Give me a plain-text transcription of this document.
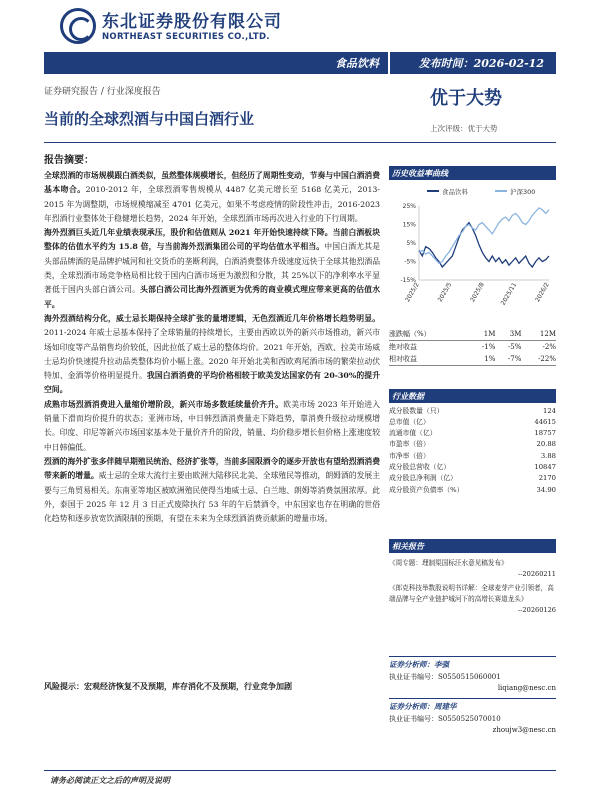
东北证券股份有限公司
NORTHEAST SECURITIES CO.,LTD.
食品饮料	发布时间：2026-02-12
证券研究报告 / 行业深度报告	优于大势
当前的全球烈酒与中国白酒行业
上次评级：优于大势
报告摘要：

全球烈酒的市场规模跟白酒类似，虽然整体规模增长，但经历了周期性变动，节奏与中国白酒消费基本吻合。2010-2012 年，全球烈酒零售规模从 4487 亿美元增长至 5168 亿美元，2013-2015 年为调整期，市场规模缩减至 4701 亿美元，如果不考虑疫情的阶段性冲击，2016-2023 年烈酒行业整体处于稳健增长趋势，2024 年开始，全球烈酒市场再次进入行业的下行周期。

海外烈酒巨头近几年业绩表现承压，股价和估值则从 2021 年开始快速持续下降。当前白酒板块整体的估值水平约为 15.8 倍，与当前海外烈酒集团公司的平均估值水平相当。中国白酒尤其是头部品牌酒的是品牌护城河和社交货币的垄断利润，白酒消费整体升级速度远快于全球其他烈酒品类，全球烈酒市场竞争格局相比较于国内白酒市场更为激烈和分散，其 25%以下的净利率水平显著低于国内头部白酒公司。头部白酒公司比海外烈酒更为优秀的商业模式理应带来更高的估值水平。

海外烈酒结构分化，威士忌长期保持全球扩张的量增逻辑，无色烈酒近几年价格增长趋势明显。2011-2024 年威士忌基本保持了全球销量的持续增长，主要由西欧以外的新兴市场推动，新兴市场如印度等产品销售均价较低，因此拉低了威士忌的整体均价。2021 年开始，西欧、拉美市场威士忌均价快速提升拉动品类整体均价小幅上涨。2020 年开始北美和西欧鸡尾酒市场的繁荣拉动伏特加、金酒等价格明显提升。我国白酒消费的平均价格相较于欧美发达国家仍有 20-30%的提升空间。

成熟市场烈酒消费进入量缩价增阶段，新兴市场多数延续量价齐升。欧美市场 2023 年开始进入销量下滑而均价提升的状态；亚洲市场，中日韩烈酒消费量走下降趋势，靠消费升级拉动规模增长。印度、印尼等新兴市场国家基本处于量价齐升的阶段，销量、均价稳步增长但价格上涨速度较中日韩偏低。

烈酒的海外扩张多伴随早期殖民统治、经济扩张等，当前多国限酒令的逐步开放也有望给烈酒消费带来新的增量。威士忌的全球大流行主要由欧洲大陆移民北美、全球殖民等推动，朗姆酒的发展主要与三角贸易相关。东南亚等地区被欧洲殖民使得当地威士忌、白兰地、朗姆等消费氛围浓厚。此外，泰国于 2025 年 12 月 3 日正式废除执行 53 年的午后禁酒令，中东国家也存在明确的世俗化趋势和逐步放宽饮酒限制的预期，有望在未来为全球烈酒消费贡献新的增量市场。

风险提示：宏观经济恢复不及预期，库存消化不及预期，行业竞争加剧
历史收益率曲线
食品饮料	沪深300
25%
15%
5%
-5%
-15%
2025/2	2025/5	2025/8 2025/11	2026/2
涨跌幅（%）	1M	3M	12M
绝对收益	-1%	-5%	-2%
相对收益	1%	-7%	-22%
行业数据
成分股数量（只）	124
总市值（亿）	44615
流通市值（亿）	18757
市盈率（倍）	20.88
市净率（倍）	3.88
成分股总营收（亿）	10847
成分股总净利润（亿）	2170
成分股资产负债率（%）	34.90
相关报告
《周专题：理制渠国标汪水意见稿发布》
--20260211
《郎克科技举数股说明书详解：全球麦芽产业引领者，高端品牌与全产业链护城河下的高增长赛道龙头》
--20260126
证券分析师：李强
执业证书编号：S0550515060001
liqiang@nesc.cn
证券分析师：周建华
执业证书编号：S0550525070010
zhoujw3@nesc.cn
请务必阅读正文之后的声明及说明
